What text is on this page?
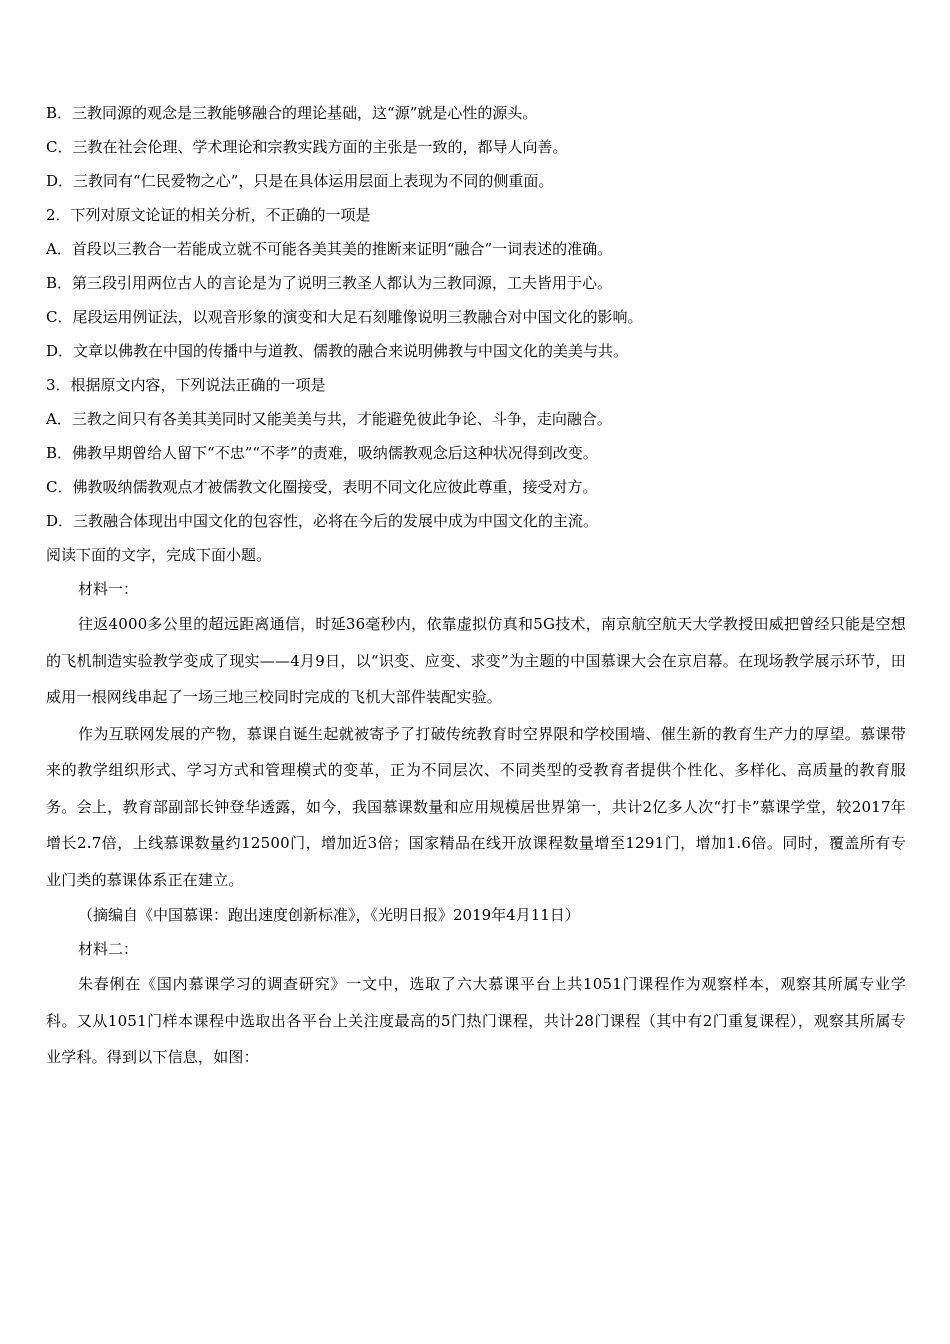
B．三教同源的观念是三教能够融合的理论基础，这“源”就是心性的源头。
C．三教在社会伦理、学术理论和宗教实践方面的主张是一致的，都导人向善。
D．三教同有“仁民爱物之心”，只是在具体运用层面上表现为不同的侧重面。
2．下列对原文论证的相关分析，不正确的一项是
A．首段以三教合一若能成立就不可能各美其美的推断来证明“融合”一词表述的准确。
B．第三段引用两位古人的言论是为了说明三教圣人都认为三教同源，工夫皆用于心。
C．尾段运用例证法，以观音形象的演变和大足石刻雕像说明三教融合对中国文化的影响。
D．文章以佛教在中国的传播中与道教、儒教的融合来说明佛教与中国文化的美美与共。
3．根据原文内容，下列说法正确的一项是
A．三教之间只有各美其美同时又能美美与共，才能避免彼此争论、斗争，走向融合。
B．佛教早期曾给人留下“不忠”“不孝”的责难，吸纳儒教观念后这种状况得到改变。
C．佛教吸纳儒教观点才被儒教文化圈接受，表明不同文化应彼此尊重，接受对方。
D．三教融合体现出中国文化的包容性，必将在今后的发展中成为中国文化的主流。
阅读下面的文字，完成下面小题。
材料一：

往返4000多公里的超远距离通信，时延36毫秒内，依靠虚拟仿真和5G技术，南京航空航天大学教授田威把曾经只能是空想的飞机制造实验教学变成了现实——4月9日，以“识变、应变、求变”为主题的中国慕课大会在京启幕。在现场教学展示环节，田威用一根网线串起了一场三地三校同时完成的飞机大部件装配实验。

作为互联网发展的产物，慕课自诞生起就被寄予了打破传统教育时空界限和学校围墙、催生新的教育生产力的厚望。慕课带来的教学组织形式、学习方式和管理模式的变革，正为不同层次、不同类型的受教育者提供个性化、多样化、高质量的教育服务。会上，教育部副部长钟登华透露，如今，我国慕课数量和应用规模居世界第一，共计2亿多人次“打卡”慕课学堂，较2017年增长2.7倍，上线慕课数量约12500门，增加近3倍；国家精品在线开放课程数量增至1291门，增加1.6倍。同时，覆盖所有专业门类的慕课体系正在建立。

（摘编自《中国慕课：跑出速度创新标准》，《光明日报》2019年4月11日）
材料二：

朱春俐在《国内慕课学习的调查研究》一文中，选取了六大慕课平台上共1051门课程作为观察样本，观察其所属专业学科。又从1051门样本课程中选取出各平台上关注度最高的5门热门课程，共计28门课程（其中有2门重复课程），观察其所属专业学科。得到以下信息，如图：
